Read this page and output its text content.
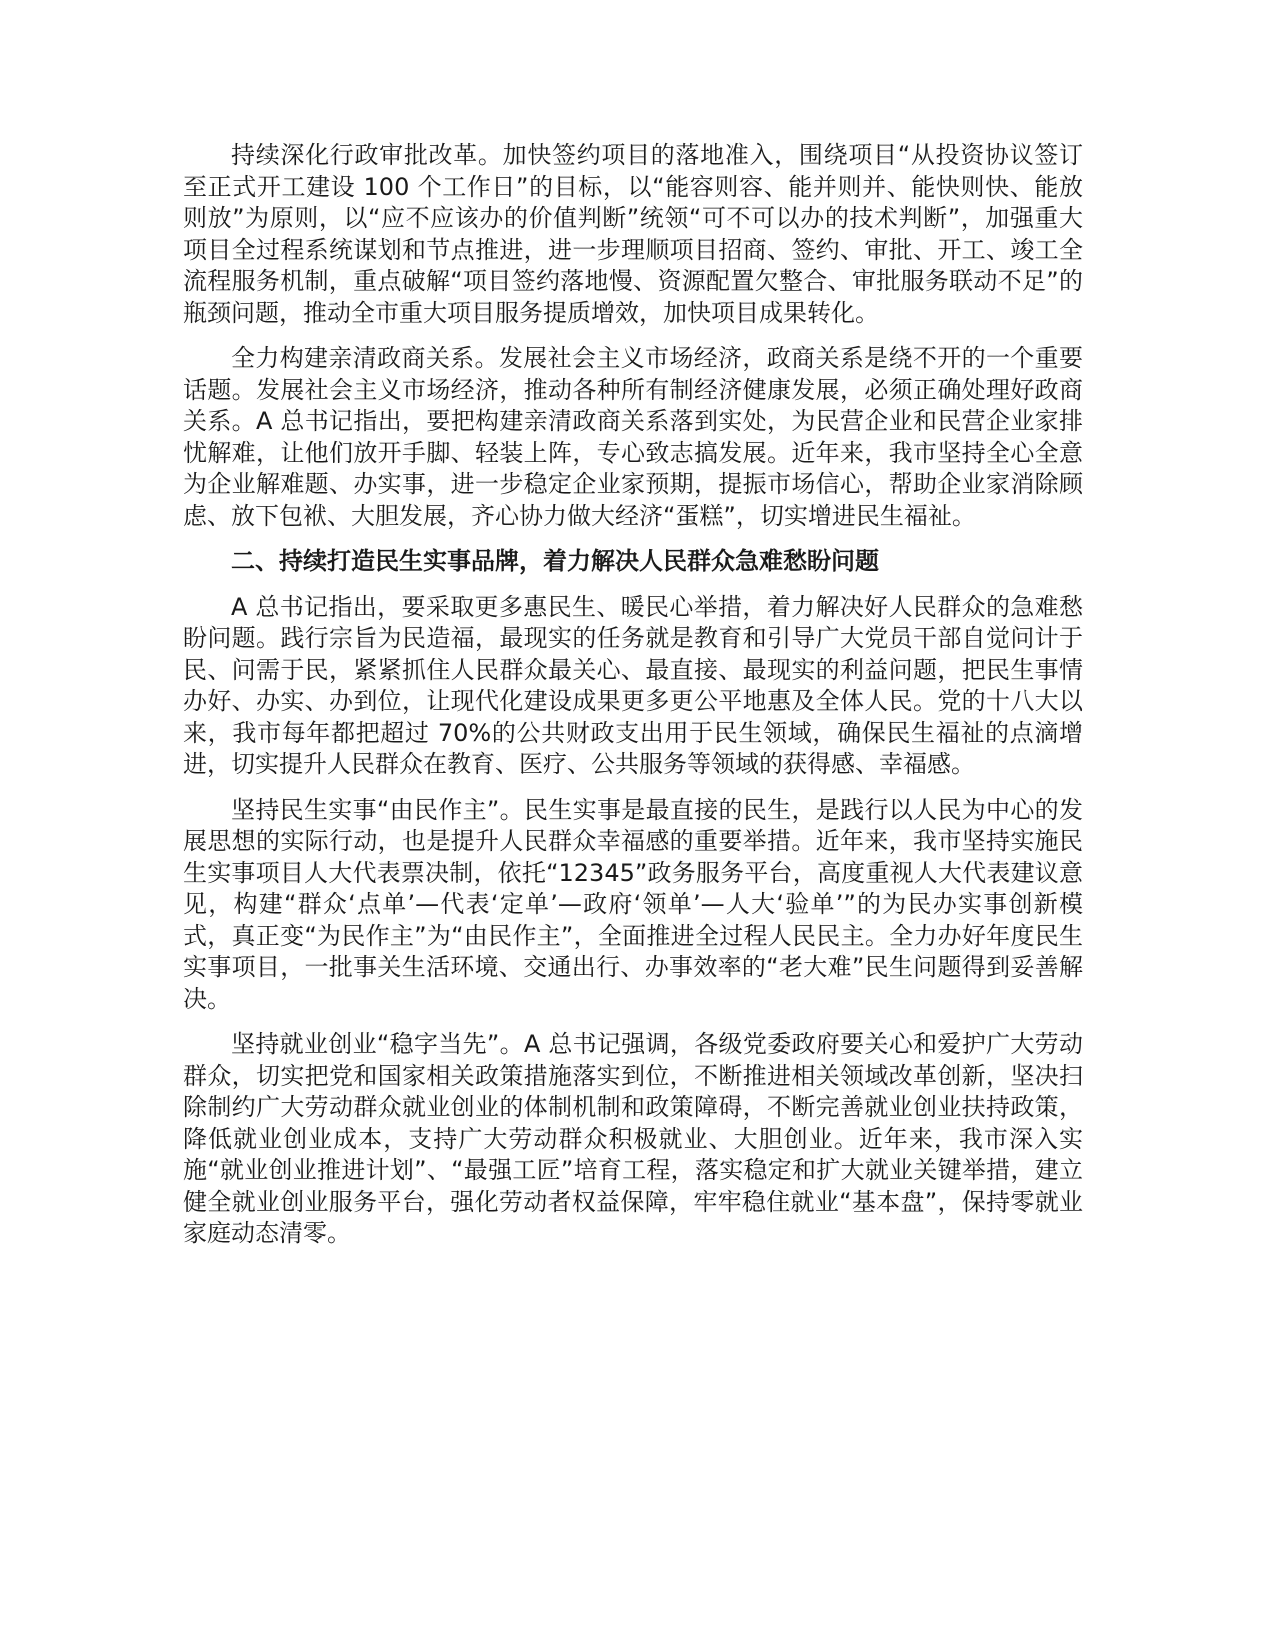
持续深化行政审批改革。加快签约项目的落地准入，围绕项目“从投资协议签订至正式开工建设 100 个工作日”的目标，以“能容则容、能并则并、能快则快、能放则放”为原则，以“应不应该办的价值判断”统领“可不可以办的技术判断”，加强重大项目全过程系统谋划和节点推进，进一步理顺项目招商、签约、审批、开工、竣工全流程服务机制，重点破解“项目签约落地慢、资源配置欠整合、审批服务联动不足”的瓶颈问题，推动全市重大项目服务提质增效，加快项目成果转化。

全力构建亲清政商关系。发展社会主义市场经济，政商关系是绕不开的一个重要话题。发展社会主义市场经济，推动各种所有制经济健康发展，必须正确处理好政商关系。A 总书记指出，要把构建亲清政商关系落到实处，为民营企业和民营企业家排忧解难，让他们放开手脚、轻装上阵，专心致志搞发展。近年来，我市坚持全心全意为企业解难题、办实事，进一步稳定企业家预期，提振市场信心，帮助企业家消除顾虑、放下包袱、大胆发展，齐心协力做大经济“蛋糕”，切实增进民生福祉。

二、持续打造民生实事品牌，着力解决人民群众急难愁盼问题

A 总书记指出，要采取更多惠民生、暖民心举措，着力解决好人民群众的急难愁盼问题。践行宗旨为民造福，最现实的任务就是教育和引导广大党员干部自觉问计于民、问需于民，紧紧抓住人民群众最关心、最直接、最现实的利益问题，把民生事情办好、办实、办到位，让现代化建设成果更多更公平地惠及全体人民。党的十八大以来，我市每年都把超过 70%的公共财政支出用于民生领域，确保民生福祉的点滴增进，切实提升人民群众在教育、医疗、公共服务等领域的获得感、幸福感。

坚持民生实事“由民作主”。民生实事是最直接的民生，是践行以人民为中心的发展思想的实际行动，也是提升人民群众幸福感的重要举措。近年来，我市坚持实施民生实事项目人大代表票决制，依托“12345”政务服务平台，高度重视人大代表建议意见，构建“群众‘点单’—代表‘定单’—政府‘领单’—人大‘验单’”的为民办实事创新模式，真正变“为民作主”为“由民作主”，全面推进全过程人民民主。全力办好年度民生实事项目，一批事关生活环境、交通出行、办事效率的“老大难”民生问题得到妥善解决。

坚持就业创业“稳字当先”。A 总书记强调，各级党委政府要关心和爱护广大劳动群众，切实把党和国家相关政策措施落实到位，不断推进相关领域改革创新，坚决扫除制约广大劳动群众就业创业的体制机制和政策障碍，不断完善就业创业扶持政策，降低就业创业成本，支持广大劳动群众积极就业、大胆创业。近年来，我市深入实施“就业创业推进计划”、“最强工匠”培育工程，落实稳定和扩大就业关键举措，建立健全就业创业服务平台，强化劳动者权益保障，牢牢稳住就业“基本盘”，保持零就业家庭动态清零。
